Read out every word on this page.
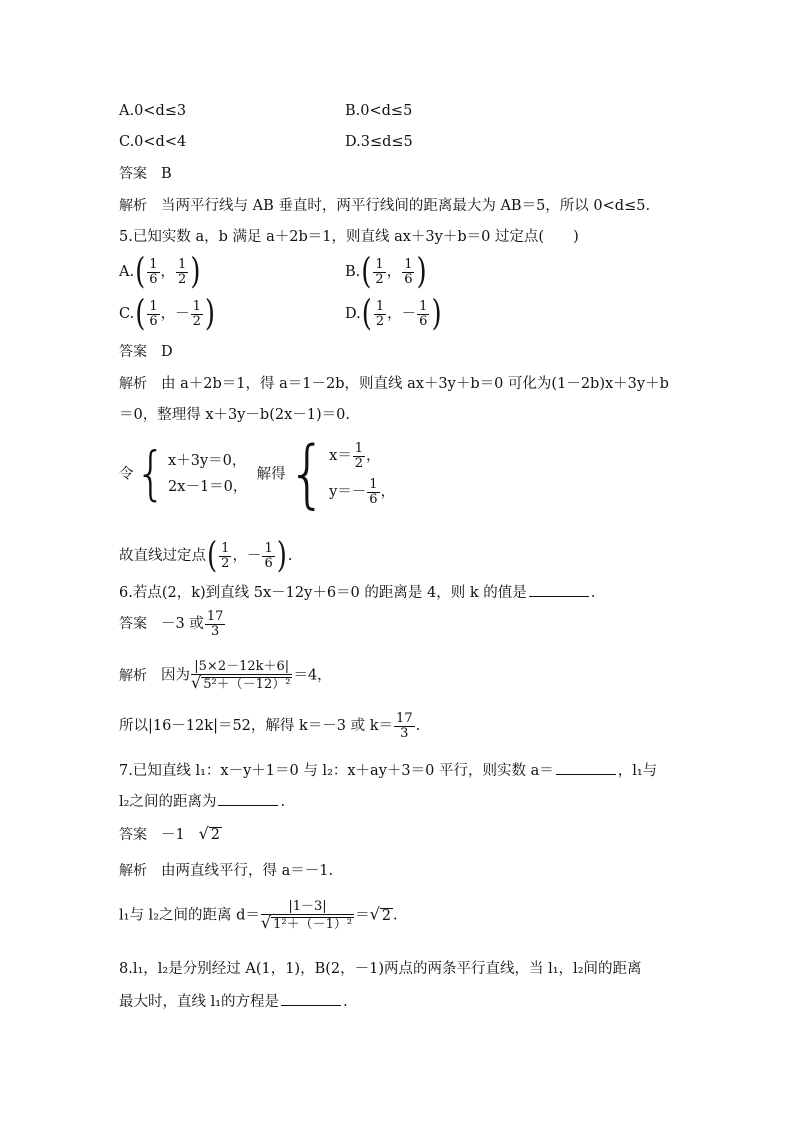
A.0<d≤3	B.0<d≤5
C.0<d<4	D.3≤d≤5
答案 B
解析 当两平行线与 AB 垂直时，两平行线间的距离最大为 AB＝5，所以 0<d≤5.
5.已知实数 a，b 满足 a＋2b＝1，则直线 ax＋3y＋b＝0 过定点(　　)
$A.( \frac{1}{6}$ ， $\frac{1}{2}$ )	$B.( \frac{1}{2}$ ， $\frac{1}{6}$ )
$C.( \frac{1}{6}$ ，－ $\frac{1}{2}$ )	$D.( \frac{1}{2}$ ，－ $\frac{1}{6}$ )
答案 D
解析 由 a＋2b＝1，得 a＝1－2b，则直线 ax＋3y＋b＝0 可化为(1－2b)x＋3y＋b
＝0，整理得 x＋3y－b(2x－1)＝0.
令{ x＋3y＝0，
2x－1＝0，
解得{ $x= \frac{1}{2}$ ，
$y=- \frac{1}{6}$ ，
故直线过定点( $\frac{1}{2}$ ，－ $\frac{1}{6}$ ).
6.若点(2，k)到直线 5x－12y＋6＝0 的距离是 4，则 k 的值是	.
答案 －3 或 $\frac{17}{3}$
解析 因为 $\frac{|5\times 2-12k+6|}{\text{√ 5²＋（－12）²}} =4$，
所以|16－12k|＝52，解得 k＝－3 或 $k= \frac{17}{3}$ .
7.已知直线 l₁：x－y＋1＝0 与 l₂：x＋ay＋3＝0 平行，则实数 a＝	，l₁与
l₂之间的距离为	.
答案 －1 √ 2
解析 由两直线平行，得 a＝－1.
l₁与 l₂之间的距离 $d= \frac{|1-3|}{\text{√ 1²＋（－1）²}}$ ＝√ 2 .
8.l₁，l₂是分别经过 A(1，1)，B(2，－1)两点的两条平行直线，当 l₁，l₂间的距离
最大时，直线 l₁的方程是	.
